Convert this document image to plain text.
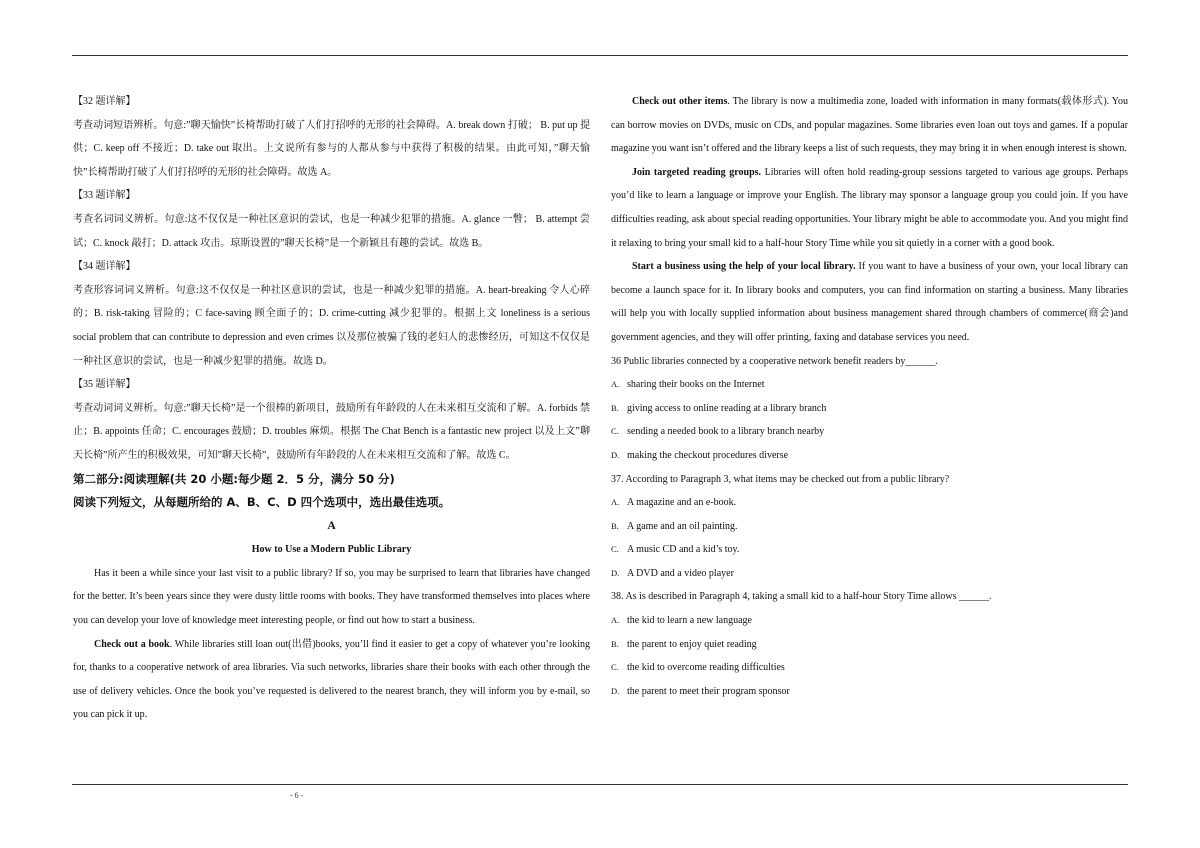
【32 题详解】

考查动词短语辨析。句意:”聊天愉快”长椅帮助打破了人们打招呼的无形的社会障碍。A. break down 打破； B. put up 提供；C. keep off 不接近；D. take out 取出。上文说所有参与的人都从参与中获得了积极的结果。由此可知，”聊天愉快”长椅帮助打破了人们打招呼的无形的社会障碍。故选 A。

【33 题详解】

考查名词词义辨析。句意:这不仅仅是一种社区意识的尝试，也是一种减少犯罪的措施。A. glance 一瞥； B. attempt 尝试；C. knock 敲打；D. attack 攻击。琼斯设置的”聊天长椅”是一个新颖且有趣的尝试。故选 B。

【34 题详解】

考查形容词词义辨析。句意:这不仅仅是一种社区意识的尝试，也是一种减少犯罪的措施。A. heart-breaking 令人心碎的；B. risk-taking 冒险的；C face-saving 顾全面子的；D. crime-cutting 减少犯罪的。根据上文 loneliness is a serious social problem that can contribute to depression and even crimes 以及那位被骗了钱的老妇人的悲惨经历，可知这不仅仅是一种社区意识的尝试，也是一种减少犯罪的措施。故选 D。

【35 题详解】

考查动词词义辨析。句意:”聊天长椅”是一个很棒的新项目，鼓励所有年龄段的人在未来相互交流和了解。A. forbids 禁止；B. appoints 任命；C. encourages 鼓励；D. troubles 麻烦。根据 The Chat Bench is a fantastic new project 以及上文”聊天长椅”所产生的积极效果，可知”聊天长椅”，鼓励所有年龄段的人在未来相互交流和了解。故选 C。

第二部分:阅读理解(共 20 小题:每少题 2．5 分，满分 50 分)

阅读下列短文，从每题所给的 A、B、C、D 四个选项中，选出最佳选项。

A

How to Use a Modern Public Library

Has it been a while since your last visit to a public library? If so, you may be surprised to learn that libraries have changed for the better. It’s been years since they were dusty little rooms with books. They have transformed themselves into places where you can develop your love of knowledge meet interesting people, or find out how to start a business.

Check out a book. While libraries still loan out(出借)books, you’ll find it easier to get a copy of whatever you’re looking for, thanks to a cooperative network of area libraries. Via such networks, libraries share their books with each other through the use of delivery vehicles. Once the book you’ve requested is delivered to the nearest branch, they will inform you by e-mail, so you can pick it up.

Check out other items. The library is now a multimedia zone, loaded with information in many formats(载体形式). You can borrow movies on DVDs, music on CDs, and popular magazines. Some libraries even loan out toys and games. If a popular magazine you want isn’t offered and the library keeps a list of such requests, they may bring it in when enough interest is shown.

Join targeted reading groups. Libraries will often hold reading-group sessions targeted to various age groups. Perhaps you’d like to learn a language or improve your English. The library may sponsor a language group you could join. If you have difficulties reading, ask about special reading opportunities. Your library might be able to accommodate you. And you might find it relaxing to bring your small kid to a half-hour Story Time while you sit quietly in a corner with a good book.

Start a business using the help of your local library. If you want to have a business of your own, your local library can become a launch space for it. In library books and computers, you can find information on starting a business. Many libraries will help you with locally supplied information about business management shared through chambers of commerce(商会)and government agencies, and they will offer printing, faxing and database services you need.

36 Public libraries connected by a cooperative network benefit readers by______.

A. sharing their books on the Internet
B. giving access to online reading at a library branch
C. sending a needed book to a library branch nearby
D. making the checkout procedures diverse

37. According to Paragraph 3, what items may be checked out from a public library?

A. A magazine and an e-book.
B. A game and an oil painting.
C. A music CD and a kid’s toy.
D. A DVD and a video player

38. As is described in Paragraph 4, taking a small kid to a half-hour Story Time allows ______.

A. the kid to learn a new language
B. the parent to enjoy quiet reading
C. the kid to overcome reading difficulties
D. the parent to meet their program sponsor
- 6 -
